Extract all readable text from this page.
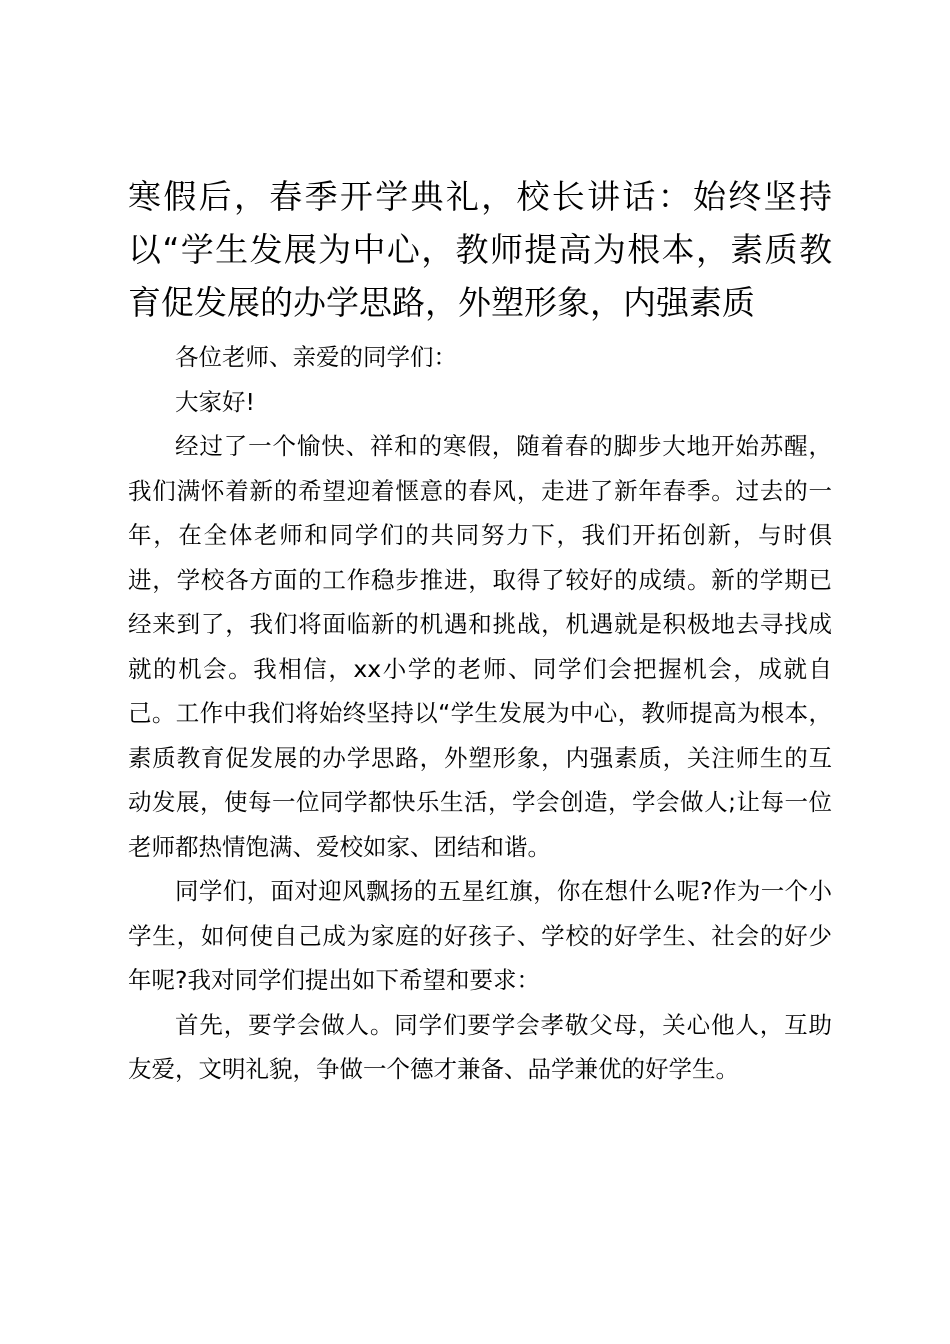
寒假后，春季开学典礼，校长讲话：始终坚持以“学生发展为中心，教师提高为根本，素质教育促发展的办学思路，外塑形象，内强素质

各位老师、亲爱的同学们：

大家好!

经过了一个愉快、祥和的寒假，随着春的脚步大地开始苏醒，我们满怀着新的希望迎着惬意的春风，走进了新年春季。过去的一年，在全体老师和同学们的共同努力下，我们开拓创新，与时俱进，学校各方面的工作稳步推进，取得了较好的成绩。新的学期已经来到了，我们将面临新的机遇和挑战，机遇就是积极地去寻找成就的机会。我相信，xx小学的老师、同学们会把握机会，成就自己。工作中我们将始终坚持以“学生发展为中心，教师提高为根本，素质教育促发展的办学思路，外塑形象，内强素质，关注师生的互动发展，使每一位同学都快乐生活，学会创造，学会做人;让每一位老师都热情饱满、爱校如家、团结和谐。

同学们，面对迎风飘扬的五星红旗，你在想什么呢?作为一个小学生，如何使自己成为家庭的好孩子、学校的好学生、社会的好少年呢?我对同学们提出如下希望和要求：

首先，要学会做人。同学们要学会孝敬父母，关心他人，互助友爱，文明礼貌，争做一个德才兼备、品学兼优的好学生。
